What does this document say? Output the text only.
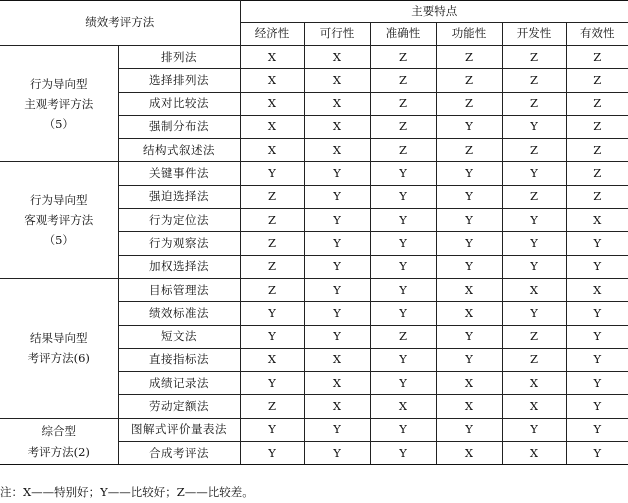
绩效考评方法		主要特点					
		经济性	可行性	准确性	功能性	开发性	有效性

行为导向型
主观考评方法
（5）	排列法	X	X	Z	Z	Z	Z
	选择排列法	X	X	Z	Z	Z	Z
	成对比较法	X	X	Z	Z	Z	Z
	强制分布法	X	X	Z	Y	Y	Z
	结构式叙述法	X	X	Z	Z	Z	Z

行为导向型
客观考评方法
（5）	关键事件法	Y	Y	Y	Y	Y	Z
	强迫选择法	Z	Y	Y	Y	Z	Z
	行为定位法	Z	Y	Y	Y	Y	X
	行为观察法	Z	Y	Y	Y	Y	Y
	加权选择法	Z	Y	Y	Y	Y	Y

结果导向型
考评方法(6)	目标管理法	Z	Y	Y	X	X	X
	绩效标准法	Y	Y	Y	X	Y	Y
	短文法	Y	Y	Z	Y	Z	Y
	直接指标法	X	X	Y	Y	Z	Y
	成绩记录法	Y	X	Y	X	X	Y
	劳动定额法	Z	X	X	X	X	Y

综合型
考评方法(2)	图解式评价量表法	Y	Y	Y	Y	Y	Y
	合成考评法	Y	Y	Y	X	X	Y
注：X——特别好；Y——比较好；Z——比较差。
